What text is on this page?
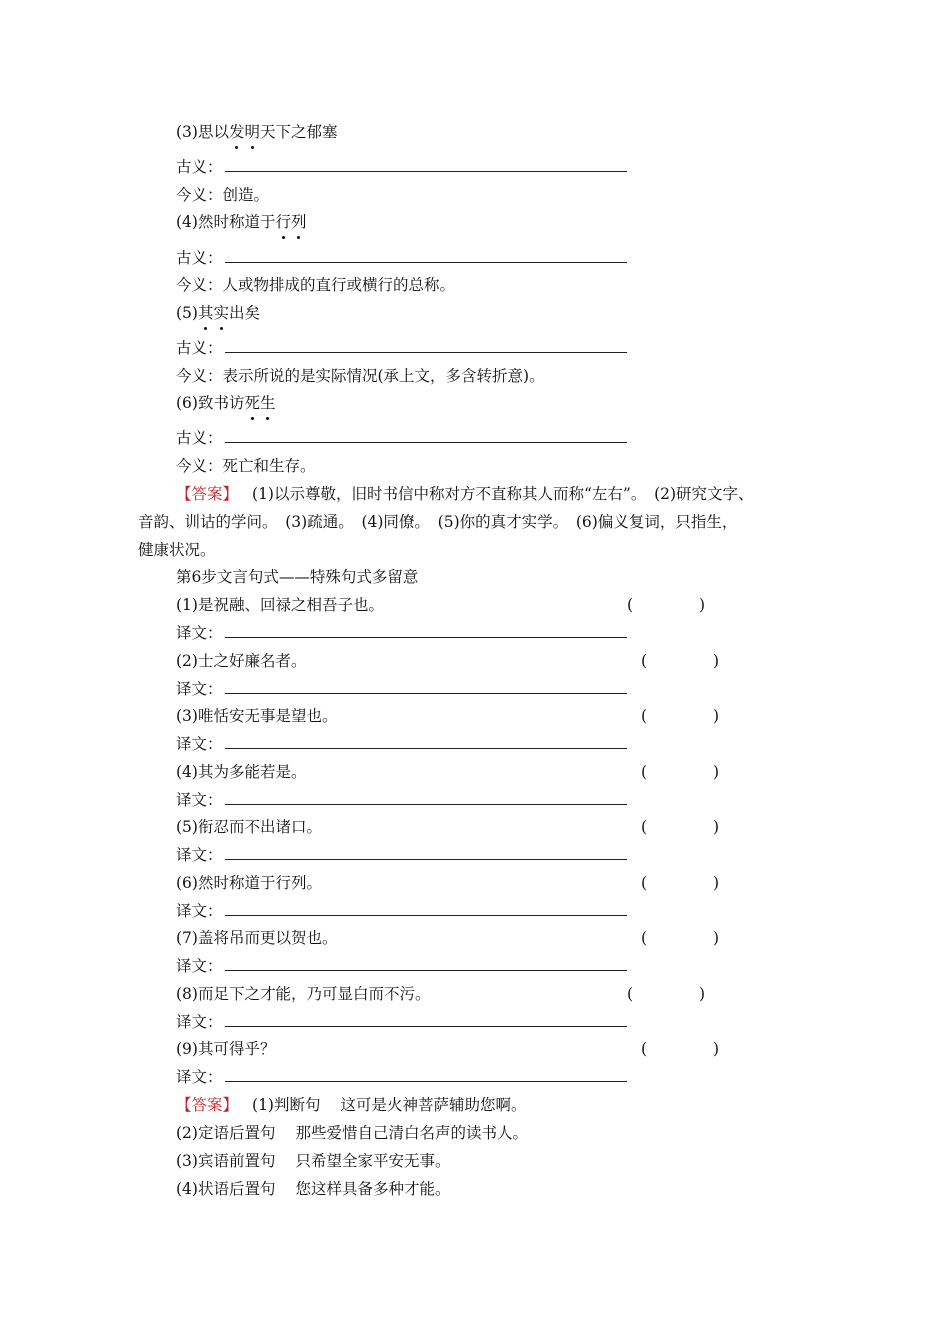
(3)思以发明天下之郁塞
古义：
今义：创造。
(4)然时称道于行列
古义：
今义：人或物排成的直行或横行的总称。
(5)其实出矣
古义：
今义：表示所说的是实际情况(承上文，多含转折意)。
(6)致书访死生
古义：
今义：死亡和生存。
【答案】 (1)以示尊敬，旧时书信中称对方不直称其人而称“左右”。　(2)研究文字、
音韵、训诂的学问。　(3)疏通。　(4)同僚。　(5)你的真才实学。　(6)偏义复词，只指生，
健康状况。
第6步文言句式——特殊句式多留意
(1)是祝融、回禄之相吾子也。	(	)
译文：
(2)士之好廉名者。	(	)
译文：
(3)唯恬安无事是望也。	(	)
译文：
(4)其为多能若是。	(	)
译文：
(5)衔忍而不出诸口。	(	)
译文：
(6)然时称道于行列。	(	)
译文：
(7)盖将吊而更以贺也。	(	)
译文：
(8)而足下之才能，乃可显白而不污。	(	)
译文：
(9)其可得乎？	(	)
译文：
【答案】 (1)判断句 这可是火神菩萨辅助您啊。
(2)定语后置句 那些爱惜自己清白名声的读书人。
(3)宾语前置句 只希望全家平安无事。
(4)状语后置句 您这样具备多种才能。
